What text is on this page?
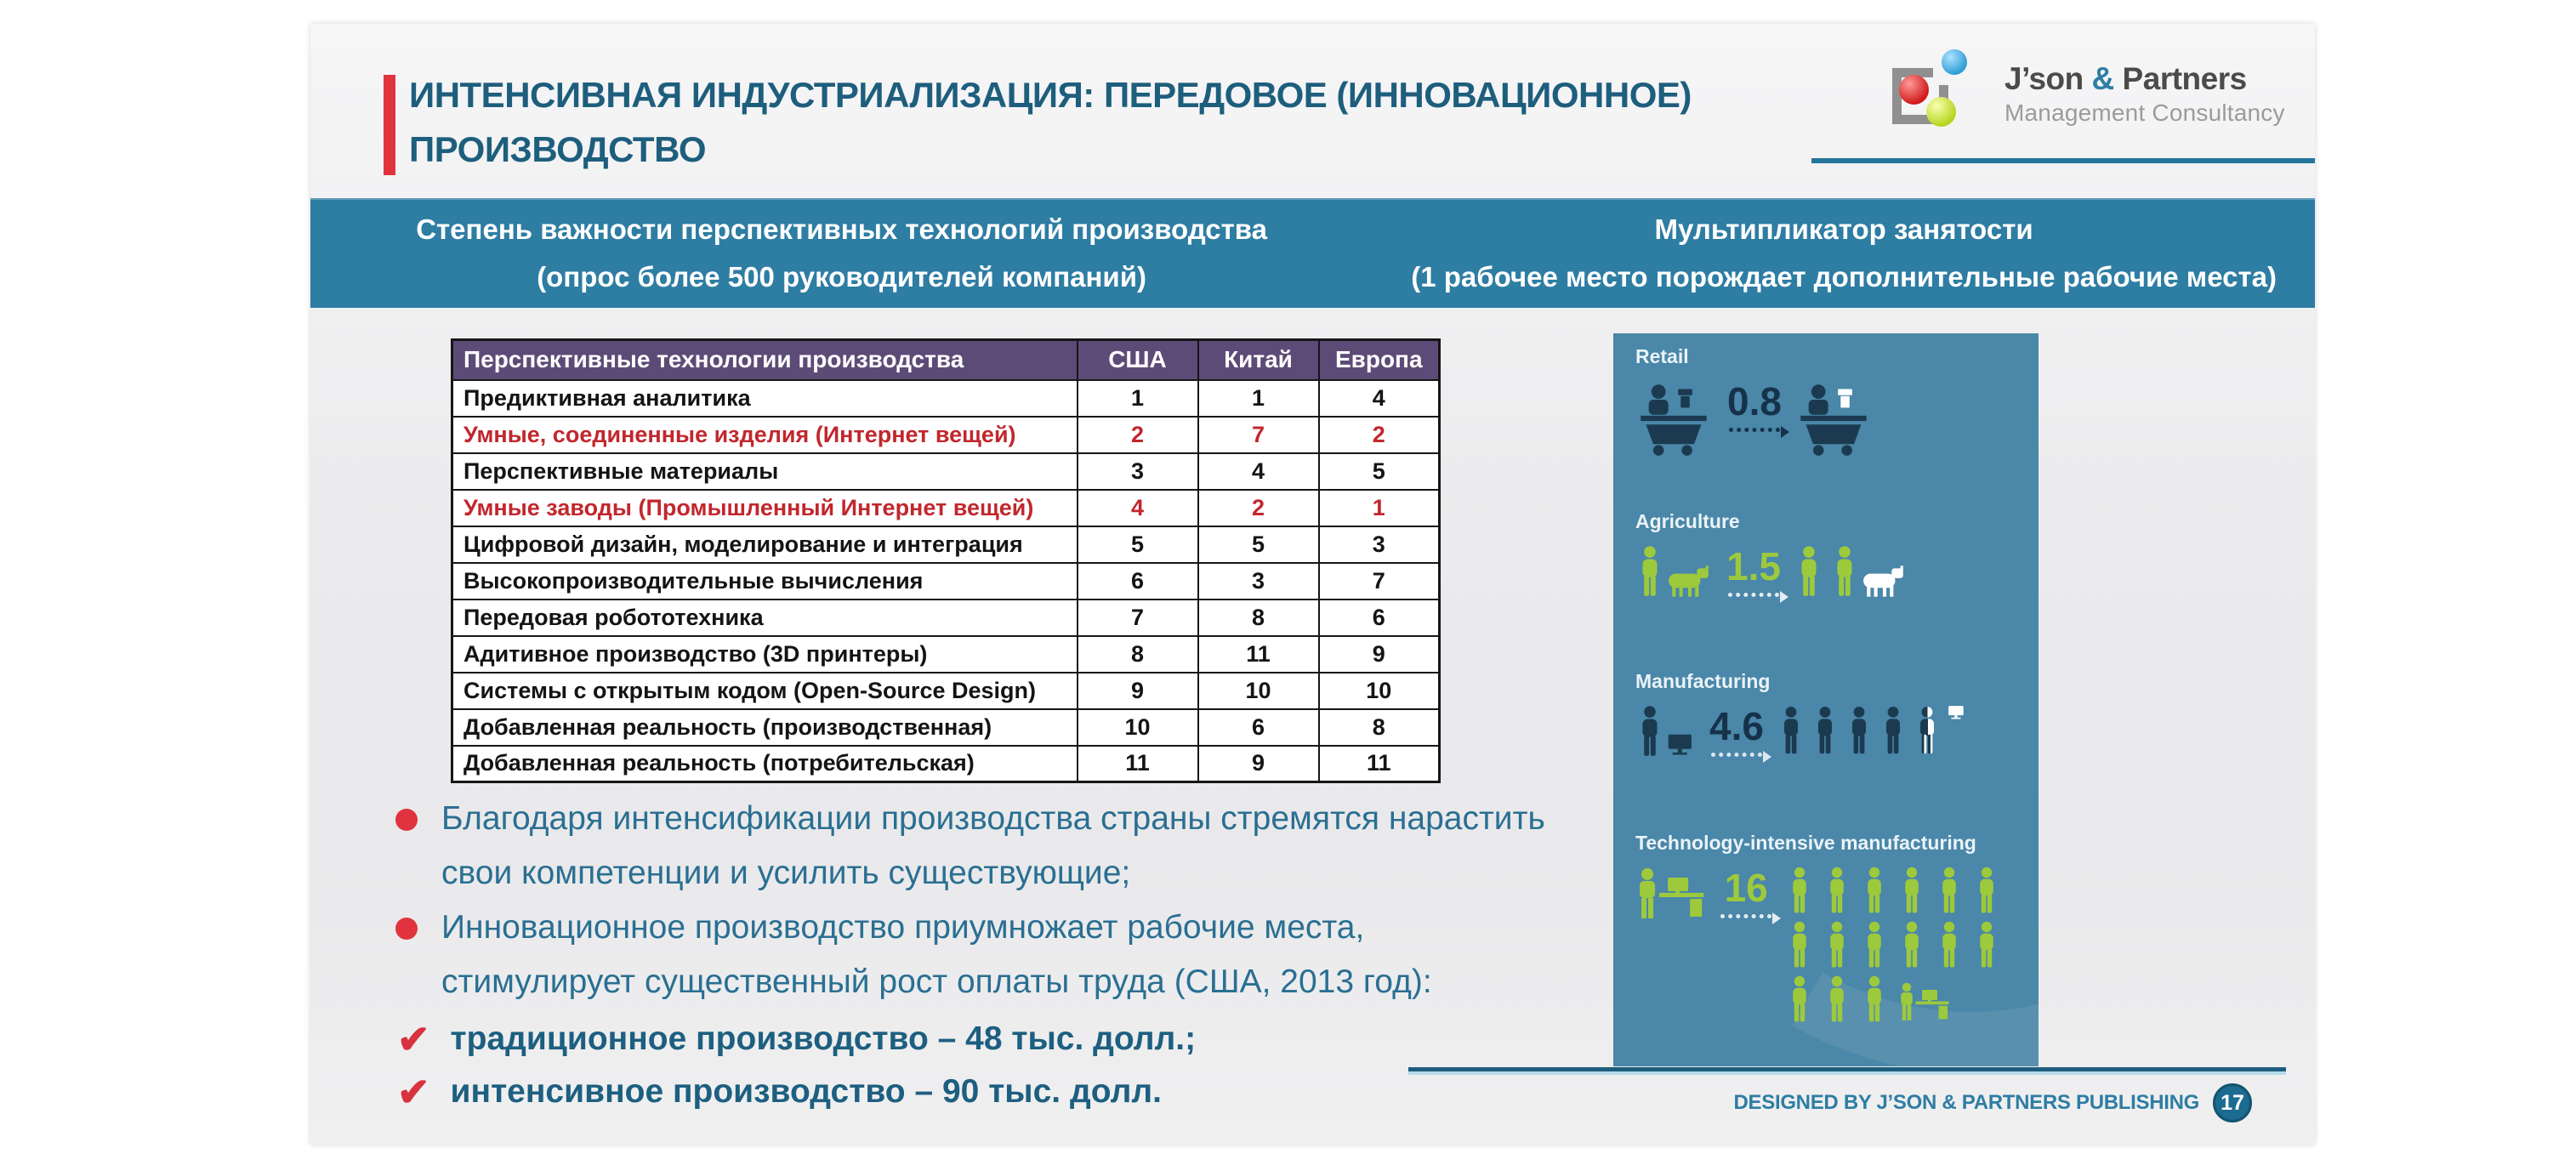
ИНТЕНСИВНАЯ ИНДУСТРИАЛИЗАЦИЯ: ПЕРЕДОВОЕ (ИННОВАЦИОННОЕ)
ПРОИЗВОДСТВО
J’son & Partners
Management Consultancy
Степень важности перспективных технологий производства
(опрос более 500 руководителей компаний)
Мультипликатор занятости
(1 рабочее место порождает дополнительные рабочие места)
Перспективные технологии производства	США	Китай	Европа
Предиктивная аналитика	1	1	4
Умные, соединенные изделия (Интернет вещей)	2	7	2
Перспективные материалы	3	4	5
Умные заводы (Промышленный Интернет вещей)	4	2	1
Цифровой дизайн, моделирование и интеграция	5	5	3
Высокопроизводительные вычисления	6	3	7
Передовая робототехника	7	8	6
Адитивное производство (3D принтеры)	8	11	9
Системы с открытым кодом (Open-Source Design)	9	10	10
Добавленная реальность (производственная)	10	6	8
Добавленная реальность (потребительская)	11	9	11
Благодаря интенсификации производства страны стремятся нарастить
свои компетенции и усилить существующие;
Инновационное производство приумножает рабочие места,
стимулирует существенный рост оплаты труда (США, 2013 год):
✔ традиционное производство – 48 тыс. долл.;
✔ интенсивное производство – 90 тыс. долл.
Retail
0.8
Agriculture
1.5
Manufacturing
4.6
Technology-intensive manufacturing
16
DESIGNED BY J’SON & PARTNERS PUBLISHING	17
